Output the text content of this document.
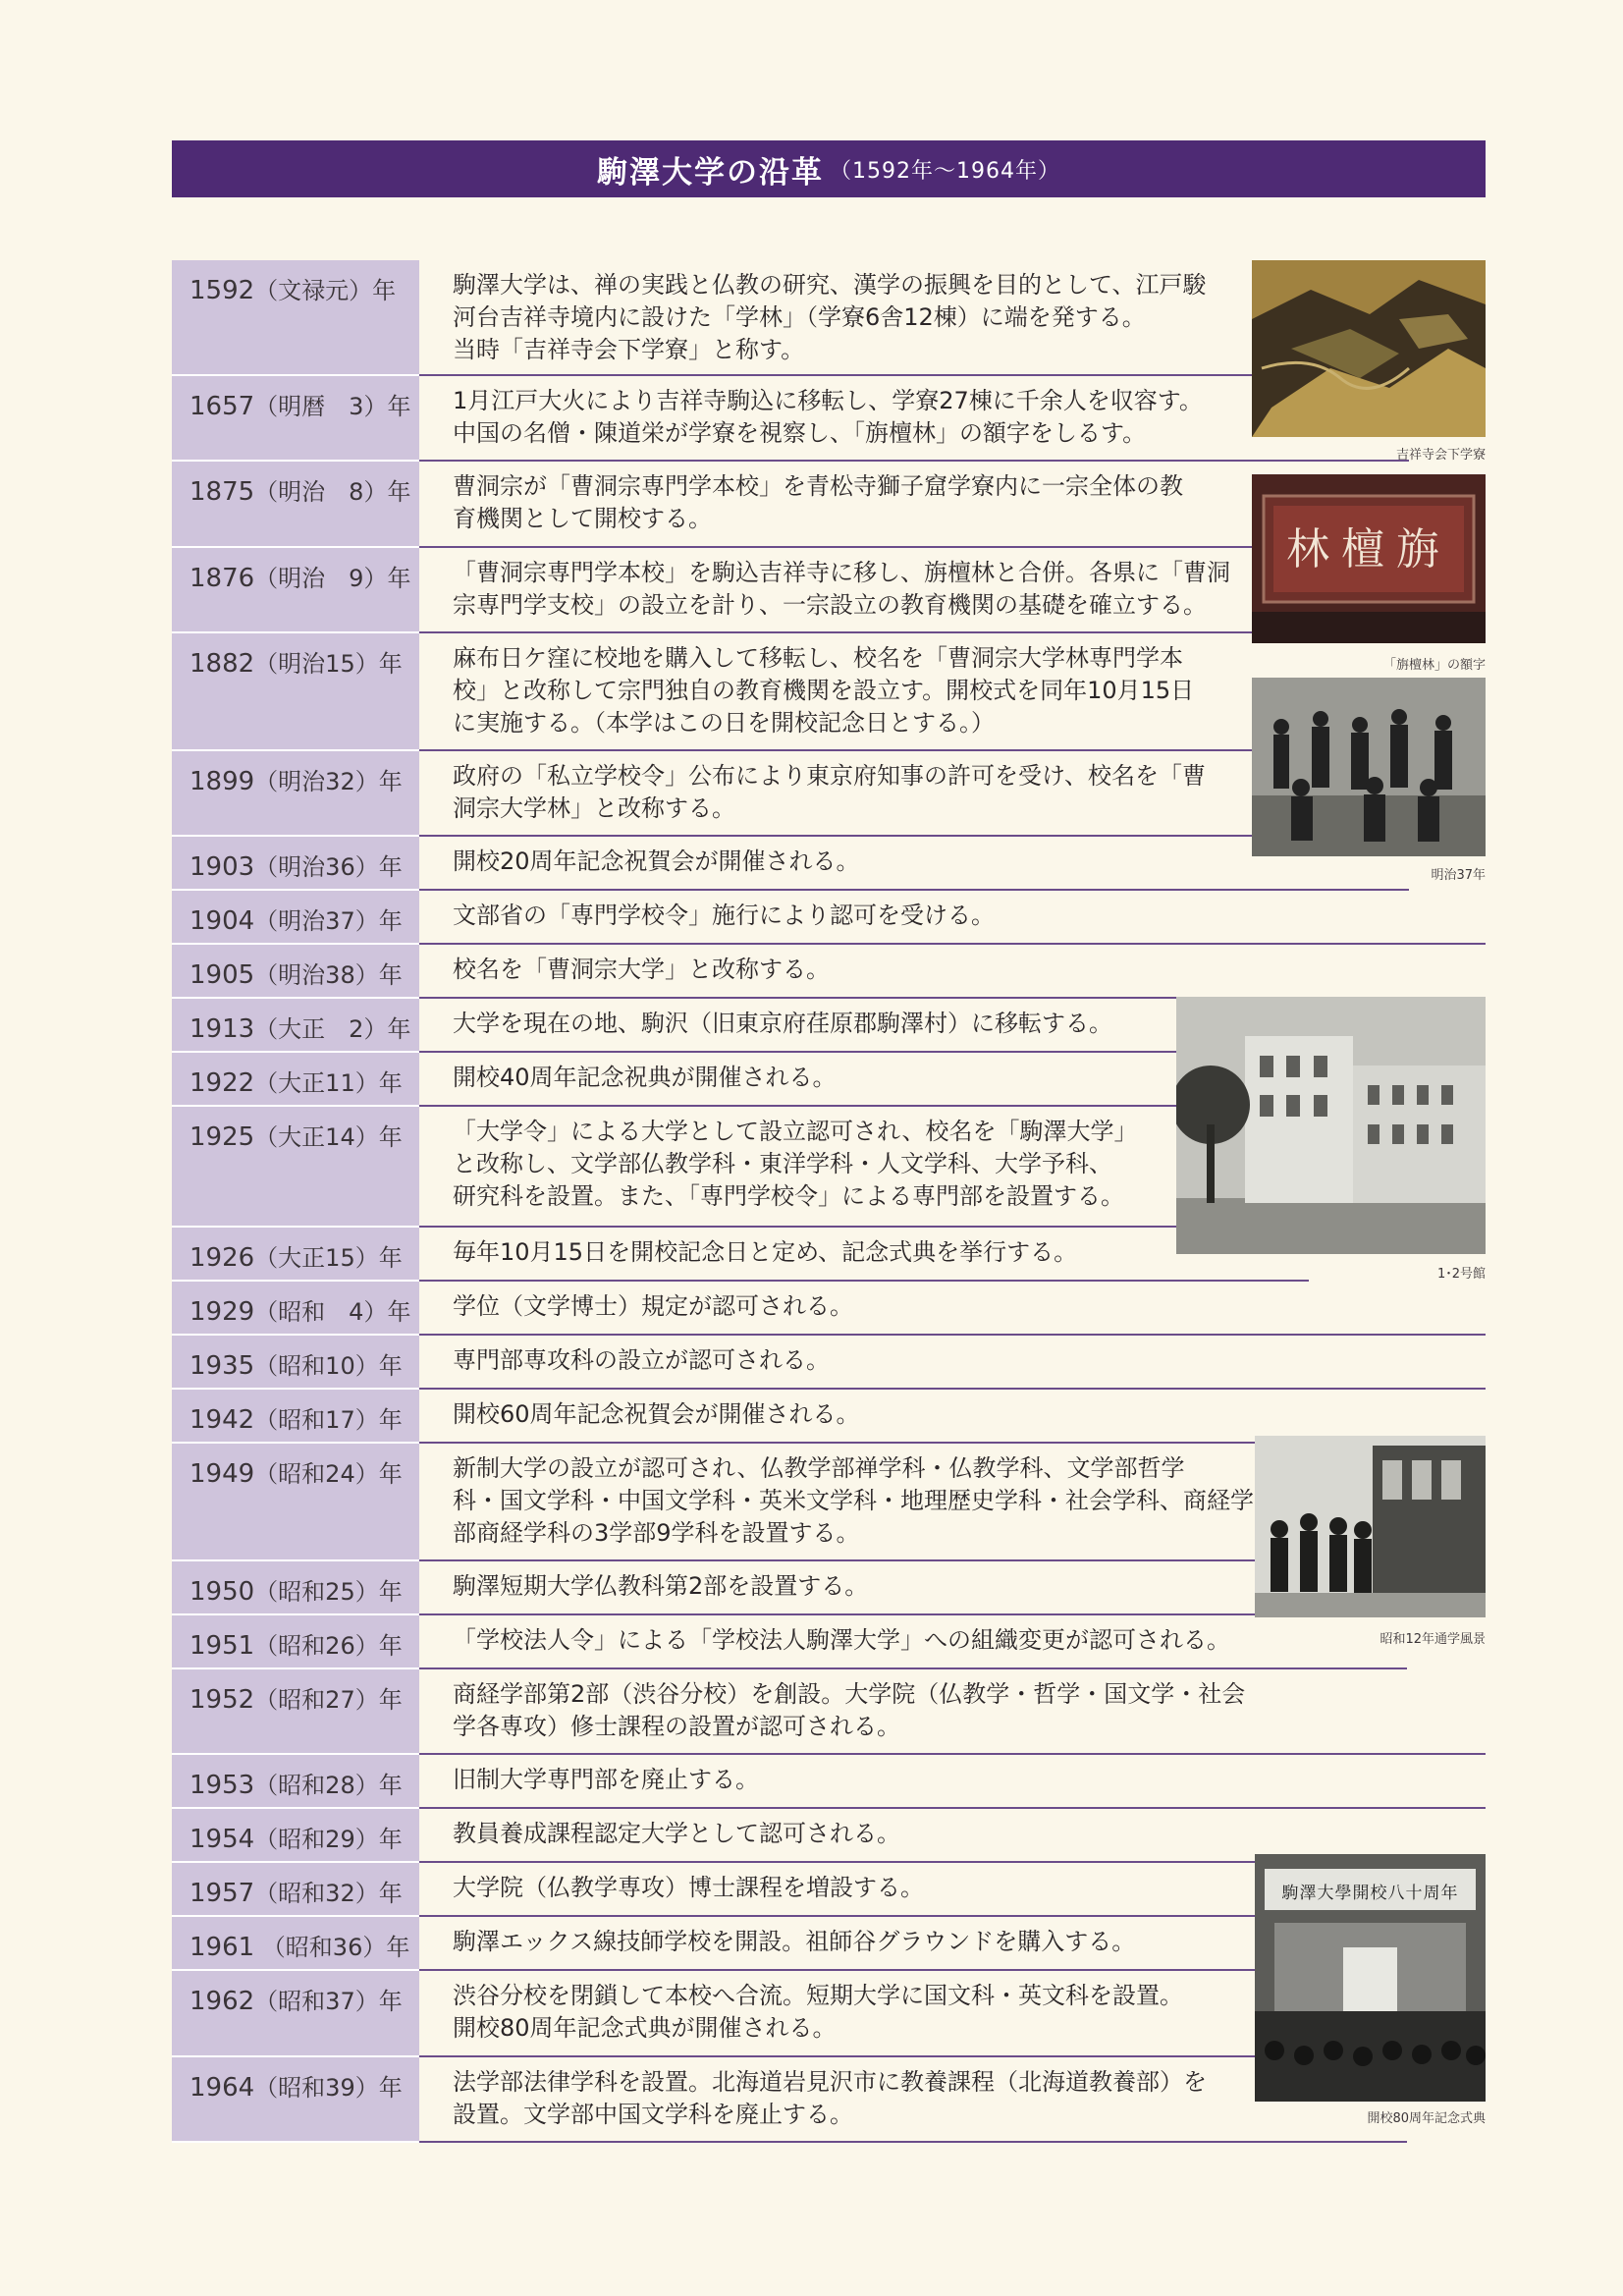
駒澤大学の沿革 （1592年～1964年）
1592（文禄元）年	駒澤大学は、禅の実践と仏教の研究、漢学の振興を目的として、江戸駿
河台吉祥寺境内に設けた「学林」（学寮6舎12棟）に端を発する。
当時「吉祥寺会下学寮」と称す。
1657（明暦　3）年	1月江戸大火により吉祥寺駒込に移転し、学寮27棟に千余人を収容す。
中国の名僧・陳道栄が学寮を視察し、「旃檀林」の額字をしるす。
1875（明治　8）年	曹洞宗が「曹洞宗専門学本校」を青松寺獅子窟学寮内に一宗全体の教
育機関として開校する。
1876（明治　9）年	「曹洞宗専門学本校」を駒込吉祥寺に移し、旃檀林と合併。各県に「曹洞
宗専門学支校」の設立を計り、一宗設立の教育機関の基礎を確立する。
1882（明治15）年	麻布日ケ窪に校地を購入して移転し、校名を「曹洞宗大学林専門学本
校」と改称して宗門独自の教育機関を設立す。開校式を同年10月15日
に実施する。（本学はこの日を開校記念日とする。）
1899（明治32）年	政府の「私立学校令」公布により東京府知事の許可を受け、校名を「曹
洞宗大学林」と改称する。
1903（明治36）年	開校20周年記念祝賀会が開催される。
1904（明治37）年	文部省の「専門学校令」施行により認可を受ける。
1905（明治38）年	校名を「曹洞宗大学」と改称する。
1913（大正　2）年	大学を現在の地、駒沢（旧東京府荏原郡駒澤村）に移転する。
1922（大正11）年	開校40周年記念祝典が開催される。
1925（大正14）年	「大学令」による大学として設立認可され、校名を「駒澤大学」
と改称し、文学部仏教学科・東洋学科・人文学科、大学予科、
研究科を設置。また、「専門学校令」による専門部を設置する。
1926（大正15）年	毎年10月15日を開校記念日と定め、記念式典を挙行する。
1929（昭和　4）年	学位（文学博士）規定が認可される。
1935（昭和10）年	専門部専攻科の設立が認可される。
1942（昭和17）年	開校60周年記念祝賀会が開催される。
1949（昭和24）年	新制大学の設立が認可され、仏教学部禅学科・仏教学科、文学部哲学
科・国文学科・中国文学科・英米文学科・地理歴史学科・社会学科、商経学
部商経学科の3学部9学科を設置する。
1950（昭和25）年	駒澤短期大学仏教科第2部を設置する。
1951（昭和26）年	「学校法人令」による「学校法人駒澤大学」への組織変更が認可される。
1952（昭和27）年	商経学部第2部（渋谷分校）を創設。大学院（仏教学・哲学・国文学・社会
学各専攻）修士課程の設置が認可される。
1953（昭和28）年	旧制大学専門部を廃止する。
1954（昭和29）年	教員養成課程認定大学として認可される。
1957（昭和32）年	大学院（仏教学専攻）博士課程を増設する。
1961 （昭和36）年	駒澤エックス線技師学校を開設。祖師谷グラウンドを購入する。
1962（昭和37）年	渋谷分校を閉鎖して本校へ合流。短期大学に国文科・英文科を設置。
開校80周年記念式典が開催される。
1964（昭和39）年	法学部法律学科を設置。北海道岩見沢市に教養課程（北海道教養部）を
設置。文学部中国文学科を廃止する。
吉祥寺会下学寮
旃檀林
「旃檀林」の額字
明治37年
1･2号館
昭和12年通学風景
駒澤大學開校八十周年
開校80周年記念式典
